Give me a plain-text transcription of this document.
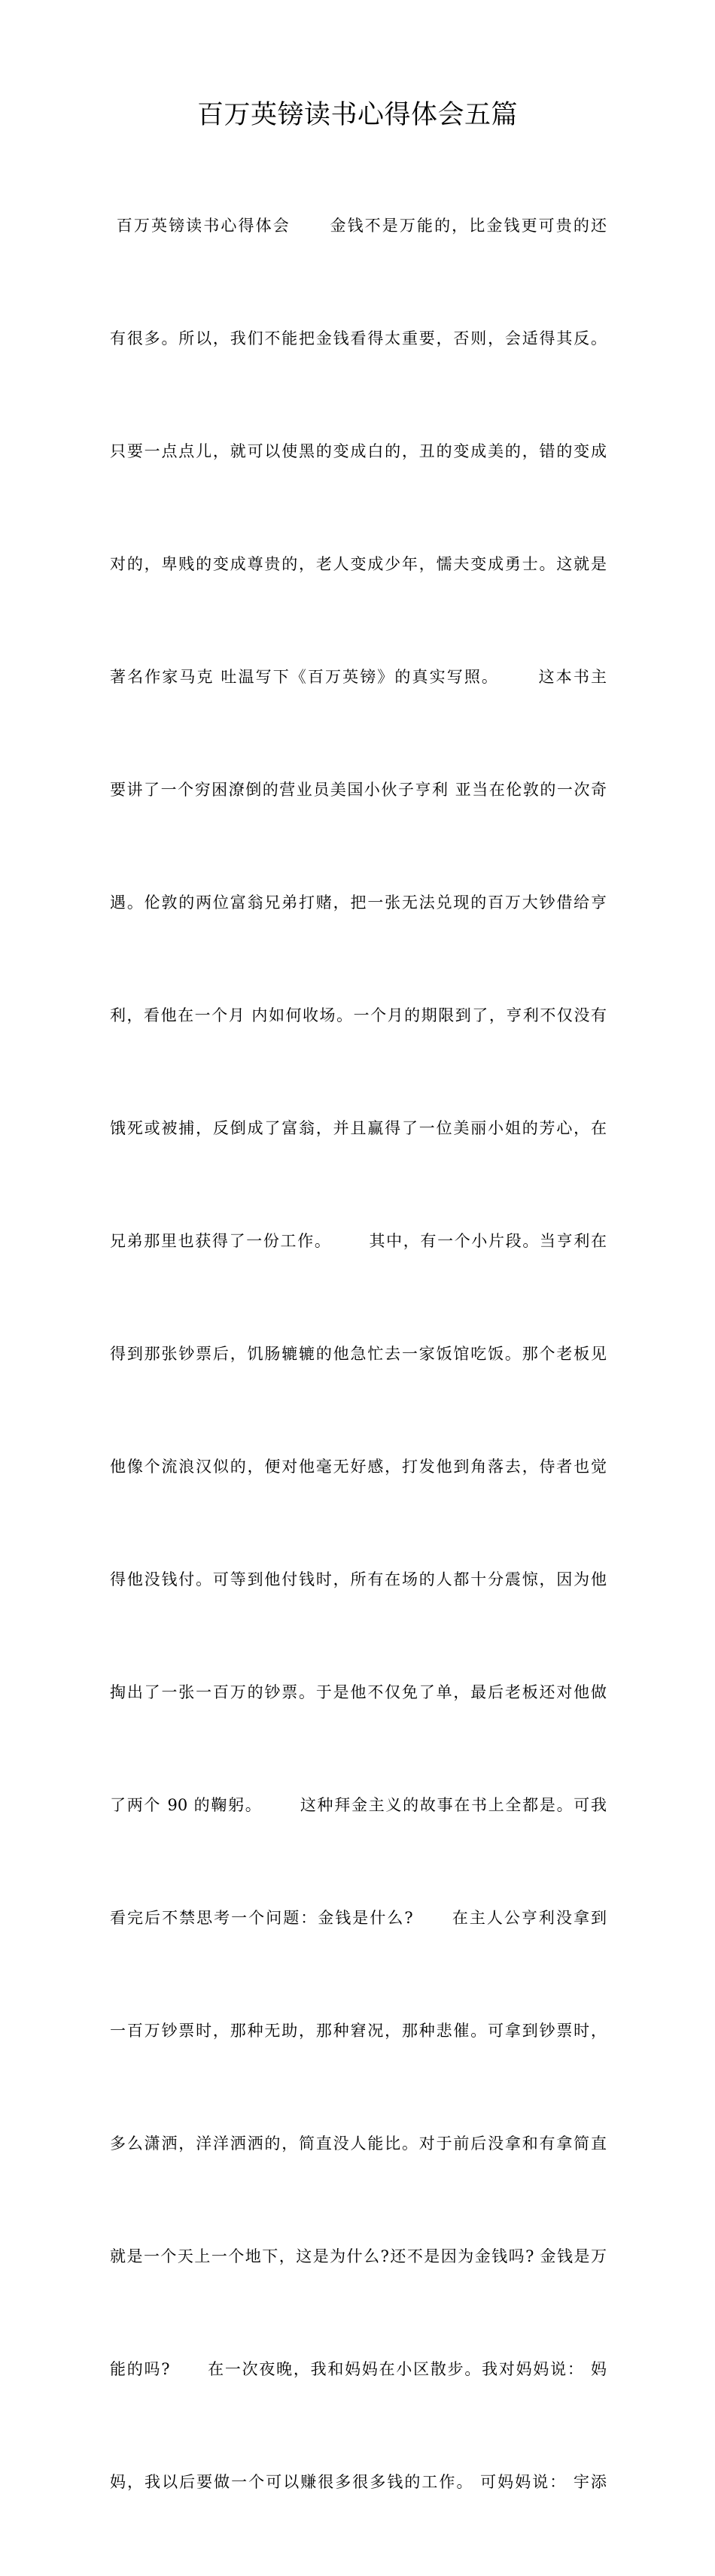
百万英镑读书心得体会五篇

百万英镑读书心得体会      金钱不是万能的，比金钱更可贵的还

有很多。所以，我们不能把金钱看得太重要，否则，会适得其反。

只要一点点儿，就可以使黑的变成白的，丑的变成美的，错的变成

对的，卑贱的变成尊贵的，老人变成少年，懦夫变成勇士。这就是

著名作家马克 吐温写下《百万英镑》的真实写照。      这本书主

要讲了一个穷困潦倒的营业员美国小伙子亨利 亚当在伦敦的一次奇

遇。伦敦的两位富翁兄弟打赌，把一张无法兑现的百万大钞借给亨

利，看他在一个月 内如何收场。一个月的期限到了，亨利不仅没有

饿死或被捕，反倒成了富翁，并且赢得了一位美丽小姐的芳心，在

兄弟那里也获得了一份工作。      其中，有一个小片段。当亨利在

得到那张钞票后，饥肠辘辘的他急忙去一家饭馆吃饭。那个老板见

他像个流浪汉似的，便对他毫无好感，打发他到角落去，侍者也觉

得他没钱付。可等到他付钱时，所有在场的人都十分震惊，因为他

掏出了一张一百万的钞票。于是他不仅免了单，最后老板还对他做

了两个 90 的鞠躬。      这种拜金主义的故事在书上全都是。可我

看完后不禁思考一个问题：金钱是什么?      在主人公亨利没拿到

一百万钞票时，那种无助，那种窘况，那种悲催。可拿到钞票时，

多么潇洒，洋洋洒洒的，简直没人能比。对于前后没拿和有拿简直

就是一个天上一个地下，这是为什么?还不是因为金钱吗? 金钱是万

能的吗?      在一次夜晚，我和妈妈在小区散步。我对妈妈说： 妈

妈，我以后要做一个可以赚很多很多钱的工作。 可妈妈说： 宇添
